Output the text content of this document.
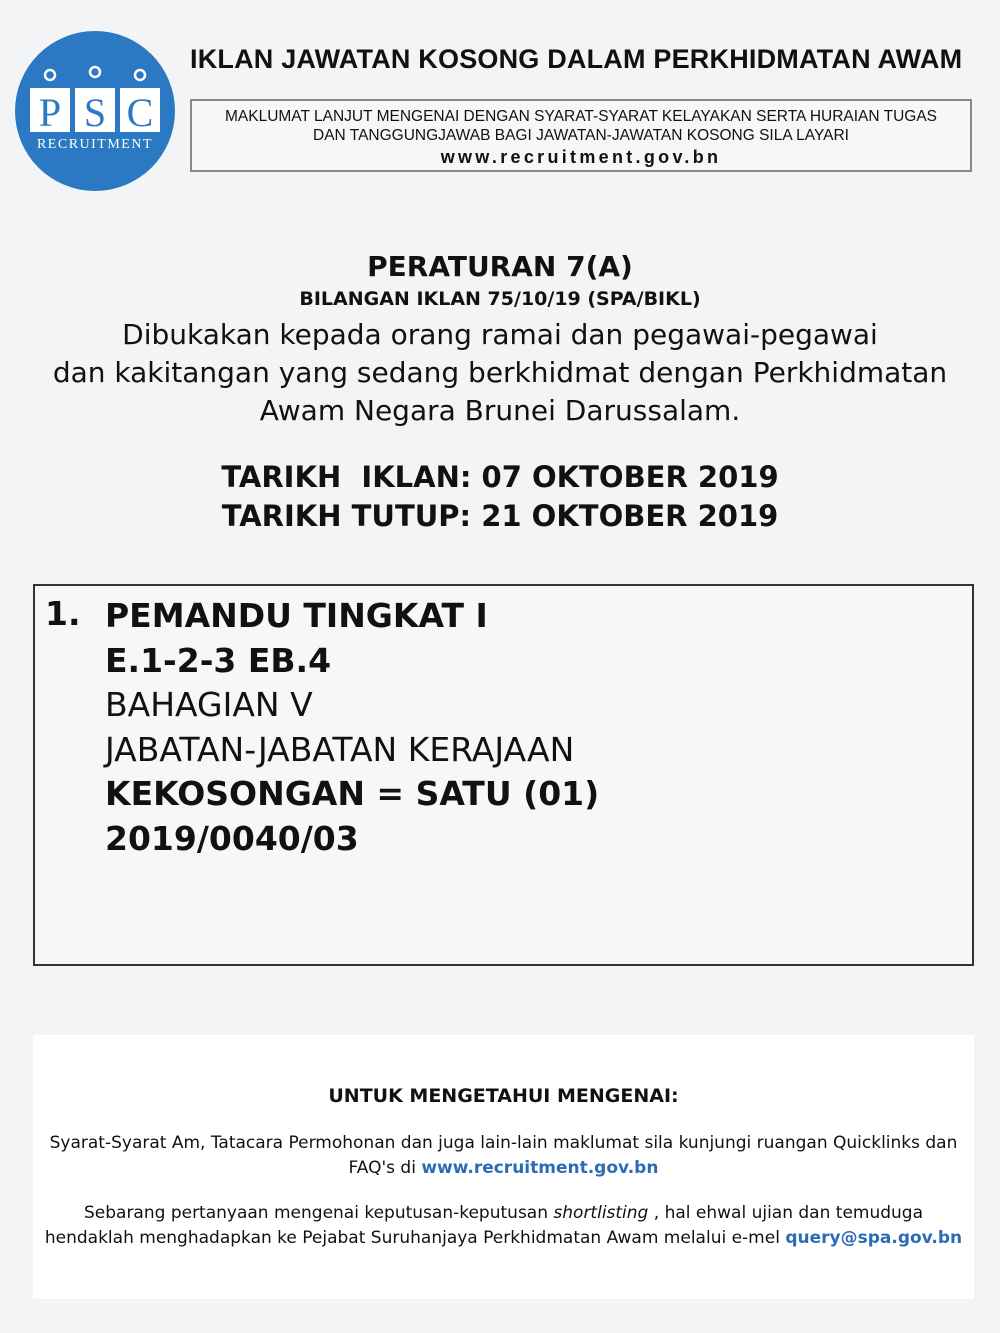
P S C
RECRUITMENT
IKLAN JAWATAN KOSONG DALAM PERKHIDMATAN AWAM
MAKLUMAT LANJUT MENGENAI DENGAN SYARAT-SYARAT KELAYAKAN SERTA HURAIAN TUGAS
DAN TANGGUNGJAWAB BAGI JAWATAN-JAWATAN KOSONG SILA LAYARI
www.recruitment.gov.bn
PERATURAN 7(A)
BILANGAN IKLAN 75/10/19 (SPA/BIKL)
Dibukakan kepada orang ramai dan pegawai-pegawai
dan kakitangan yang sedang berkhidmat dengan Perkhidmatan
Awam Negara Brunei Darussalam.
TARIKH  IKLAN: 07 OKTOBER 2019
TARIKH TUTUP: 21 OKTOBER 2019
1. PEMANDU TINGKAT I
E.1-2-3 EB.4
BAHAGIAN V
JABATAN-JABATAN KERAJAAN
KEKOSONGAN = SATU (01)
2019/0040/03
UNTUK MENGETAHUI MENGENAI:
Syarat-Syarat Am, Tatacara Permohonan dan juga lain-lain maklumat sila kunjungi ruangan Quicklinks dan
FAQ's di www.recruitment.gov.bn
Sebarang pertanyaan mengenai keputusan-keputusan shortlisting , hal ehwal ujian dan temuduga
hendaklah menghadapkan ke Pejabat Suruhanjaya Perkhidmatan Awam melalui e-mel query@spa.gov.bn
